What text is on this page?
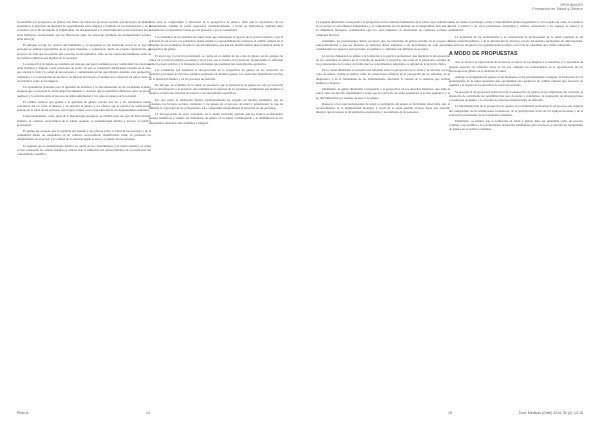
Se entiende por perspectiva de género una forma de mirar los procesos sociales que incorpora de manera sistemática el principio de igualdad de oportunidades entre mujeres y hombres en las instituciones y en la sociedad, con el fin de impedir la subjetividad, las desigualdades y la discriminación en las relaciones de los seres humanos, reconociendo que las diferencias entre los sexos no justifican las desigualdades sociales entre ellos (2).

El enfoque recoge los aportes del feminismo y su propuesta es un desarrollo social en el que las personas se sientan responsables de su propio bienestar, y construyan, desde sus propias experiencias, un proyecto de vida que les permita una posición social equitativa, tanto en sus relaciones familiares como en las políticas públicas que diseñan en la sociedad.

La perspectiva de género se considera un enfoque que aporta elementos para comprender las relaciones entre hombres y mujeres como relaciones de poder, en que se construyen distinciones basadas en el sexo que afectan la vida y la salud de las personas y comunidades en las que habitan. Además, esta perspectiva contribuye a la construcción de un marco de diferenciación para el análisis de la situación de salud, tanto de los hombres como de las mujeres.

Un aprendizaje profundo para la igualdad de derechos y la discriminación en las sociedades actuales requiere que el personal de salud tenga herramientas y recursos que le permitan reflexionar sobre su propio quehacer y la relación entre el proceso de salud-enfermedad y los roles de género en la sociedad.

El cambio cultural que apunta a la igualdad de género precisa que los y las estudiantes tomen conciencia del rol sobre sí mismos y en relación al género y los efectos que la práctica de salud podría generar en la salud de las personas, para lograr romper con la reproducción de las desigualdades existentes.

Consecuentemente, como parte de la metodología propuesta, se identificaron tres ejes de intervención: primero, el contexto sociocultural de la salud; segundo, la epistemología médica y tercero, la práctica profesional.

El primer eje propone que la totalidad del sistema y sus efectos sobre la salud de las personas y de la comunidad deben ser entendidos en su contexto sociocultural, identificando cómo se producen las desigualdades en el acceso y la calidad de la atención según el sexo y el género de las personas.

El segundo eje, la epistemología médica, se centra en los conocimientos y la ciencia médica, en cómo se han construido los saberes médicos y cuál ha sido la influencia del androcentrismo en la producción del conocimiento científico.

clave para la comprensión y aplicación de la perspectiva de género, dado que la experiencia de las desigualdades, además de poder expresarse cuantitativamente, a través de indicadores, también debe considerarse la experiencia vivida por las personas y por la comunidad.

Los elementos de los sistemas de salud, dado que constituyen el espacio de la práctica médica y son la principal vía de acceso a la población, deben asumir la responsabilidad de promover el cambio cultural en el abordaje de los problemas de salud y sus determinantes, que han ido modificándose históricamente desde la perspectiva de género.

El tercer eje, la práctica profesional, se centra en el análisis de los roles de género en los equipos de salud, en la relación médico-paciente y en el trato que se brinda en la atención, promoviendo la reflexión sobre la propia práctica y la búsqueda de estrategias que permitan una atención más equitativa.

Las evidencias que sustentan la incorporación de la perspectiva de género en los currículos de medicina provienen de diversos estudios realizados en distintos países, los cuales han identificado brechas en la formación médica y en los procesos de atención.

De ahí que, en el ámbito de la salud, se reconozca que la perspectiva de género no solo es necesaria para la investigación y la docencia, sino también en la atención de los pacientes, permitiendo que hombres y mujeres reciban una atención de acuerdo a sus necesidades específicas.

Por otra parte, la formación médica tradicionalmente ha seguido un modelo biomédico que no considera los factores sociales, culturales y de género en el proceso de salud y enfermedad, lo que ha limitado la capacidad de los profesionales para comprender integralmente la situación de sus pacientes.

La incorporación de estos contenidos en la malla curricular permite que los futuros profesionales puedan identificar y atender las diferencias de género en la salud, contribuyendo a la disminución de las inequidades existentes entre hombres y mujeres.

Pinto A.	14
ORIGINALES
Formación en Salud y Género

La segunda dimensión corresponde a la perspectiva en los cuidados humanistas de la salud, cuya realidad es el rol social, el conocimiento humanístico y la comprensión del ser humano en su integralidad, más allá de su dimensión biológica, considerando que los seres humanos se desarrollan en contextos sociales y culturales diversos.

Asimismo, los profesionales deben reconocer que las relaciones de género inciden en el proceso de salud-enfermedad y que los modelos de atención deben adaptarse a las necesidades de cada persona, considerando los aspectos psicosociales, económicos y culturales que influyen en su salud.

La tercera dimensión se refiere a la formación y la práctica profesional, que implican la incorporación de los contenidos de género en el currículo de pregrado y postgrado, así como en la educación continua de los profesionales de la salud, de forma que los conocimientos adquiridos se reflejen en la práctica clínica.

En la cuarta dimensión se presenta una reflexión sobre la perspectiva de la salud y su relación con los roles de género, donde se analiza cómo los estereotipos influyen en la percepción de los síntomas, en el diagnóstico y en el tratamiento de las enfermedades, afectando la calidad de la atención que reciben hombres y mujeres.

Finalmente, la quinta dimensión corresponde a la perspectiva de los derechos humanos, que sitúa la salud como un derecho fundamental y exige que los servicios de salud garanticen el acceso equitativo y la no discriminación por razones de sexo o de género.

Respecto a los roles profesionales de salud, la pertinencia del género es fácilmente observable. Así, el reconocimiento de la multiplicidad biológica y social de la salud permite avanzar hacia una atención integral, que incorpore la diversidad de experiencias y necesidades de las personas.

tiene en cuenta el privilegio, poder y masculinidad médica hegemónica y en los pelos de como se considera social y político a las otras profesiones, disciplinas y saberes, relacionado a los equipos de salud y la comunidad.

La formación de los profesionales y la construcción de profesionales de la salud requieren de un trabajo interdisciplinario y de la articulación de diversos actores del sistema, incluyendo las universidades, los servicios de salud y las organizaciones sociales, con el fin de consolidar una visión compartida.

A MODO DE PROPUESTAS

Así, se destaca la importancia de reconocer el aporte de las mujeres a la medicina y la necesidad de generar espacios de reflexión sobre el rol que cumplen los profesionales en la reproducción de los estereotipos de género en la atención de salud.

Aunque la desigualdad de género es un fenómeno social profundamente arraigado, la formación de los profesionales de la salud representa una oportunidad para promover un cambio cultural que favorezca la equidad y el respeto de los derechos de todas las personas.

Se propone la incorporación transversal de la perspectiva de género en las asignaturas del currículo, el desarrollo de actividades de sensibilización para docentes y estudiantes, la promoción de investigaciones con enfoque de género y la creación de espacios institucionales de reflexión.

La implementación de la perspectiva de género en la formación profesional es un proceso que requiere del compromiso de las instituciones formadoras, de la participación activa de los equipos docentes y de la evaluación permanente de los resultados obtenidos.

Finalmente, se plantea que la formación en salud y género debe ser entendida como un proceso continuo, que permita a los profesionales desarrollar habilidades para reconocer y abordar las inequidades de género en su práctica cotidiana.

15	Conf. Medicas (Chile) 2014; 30 (2): 13-16
